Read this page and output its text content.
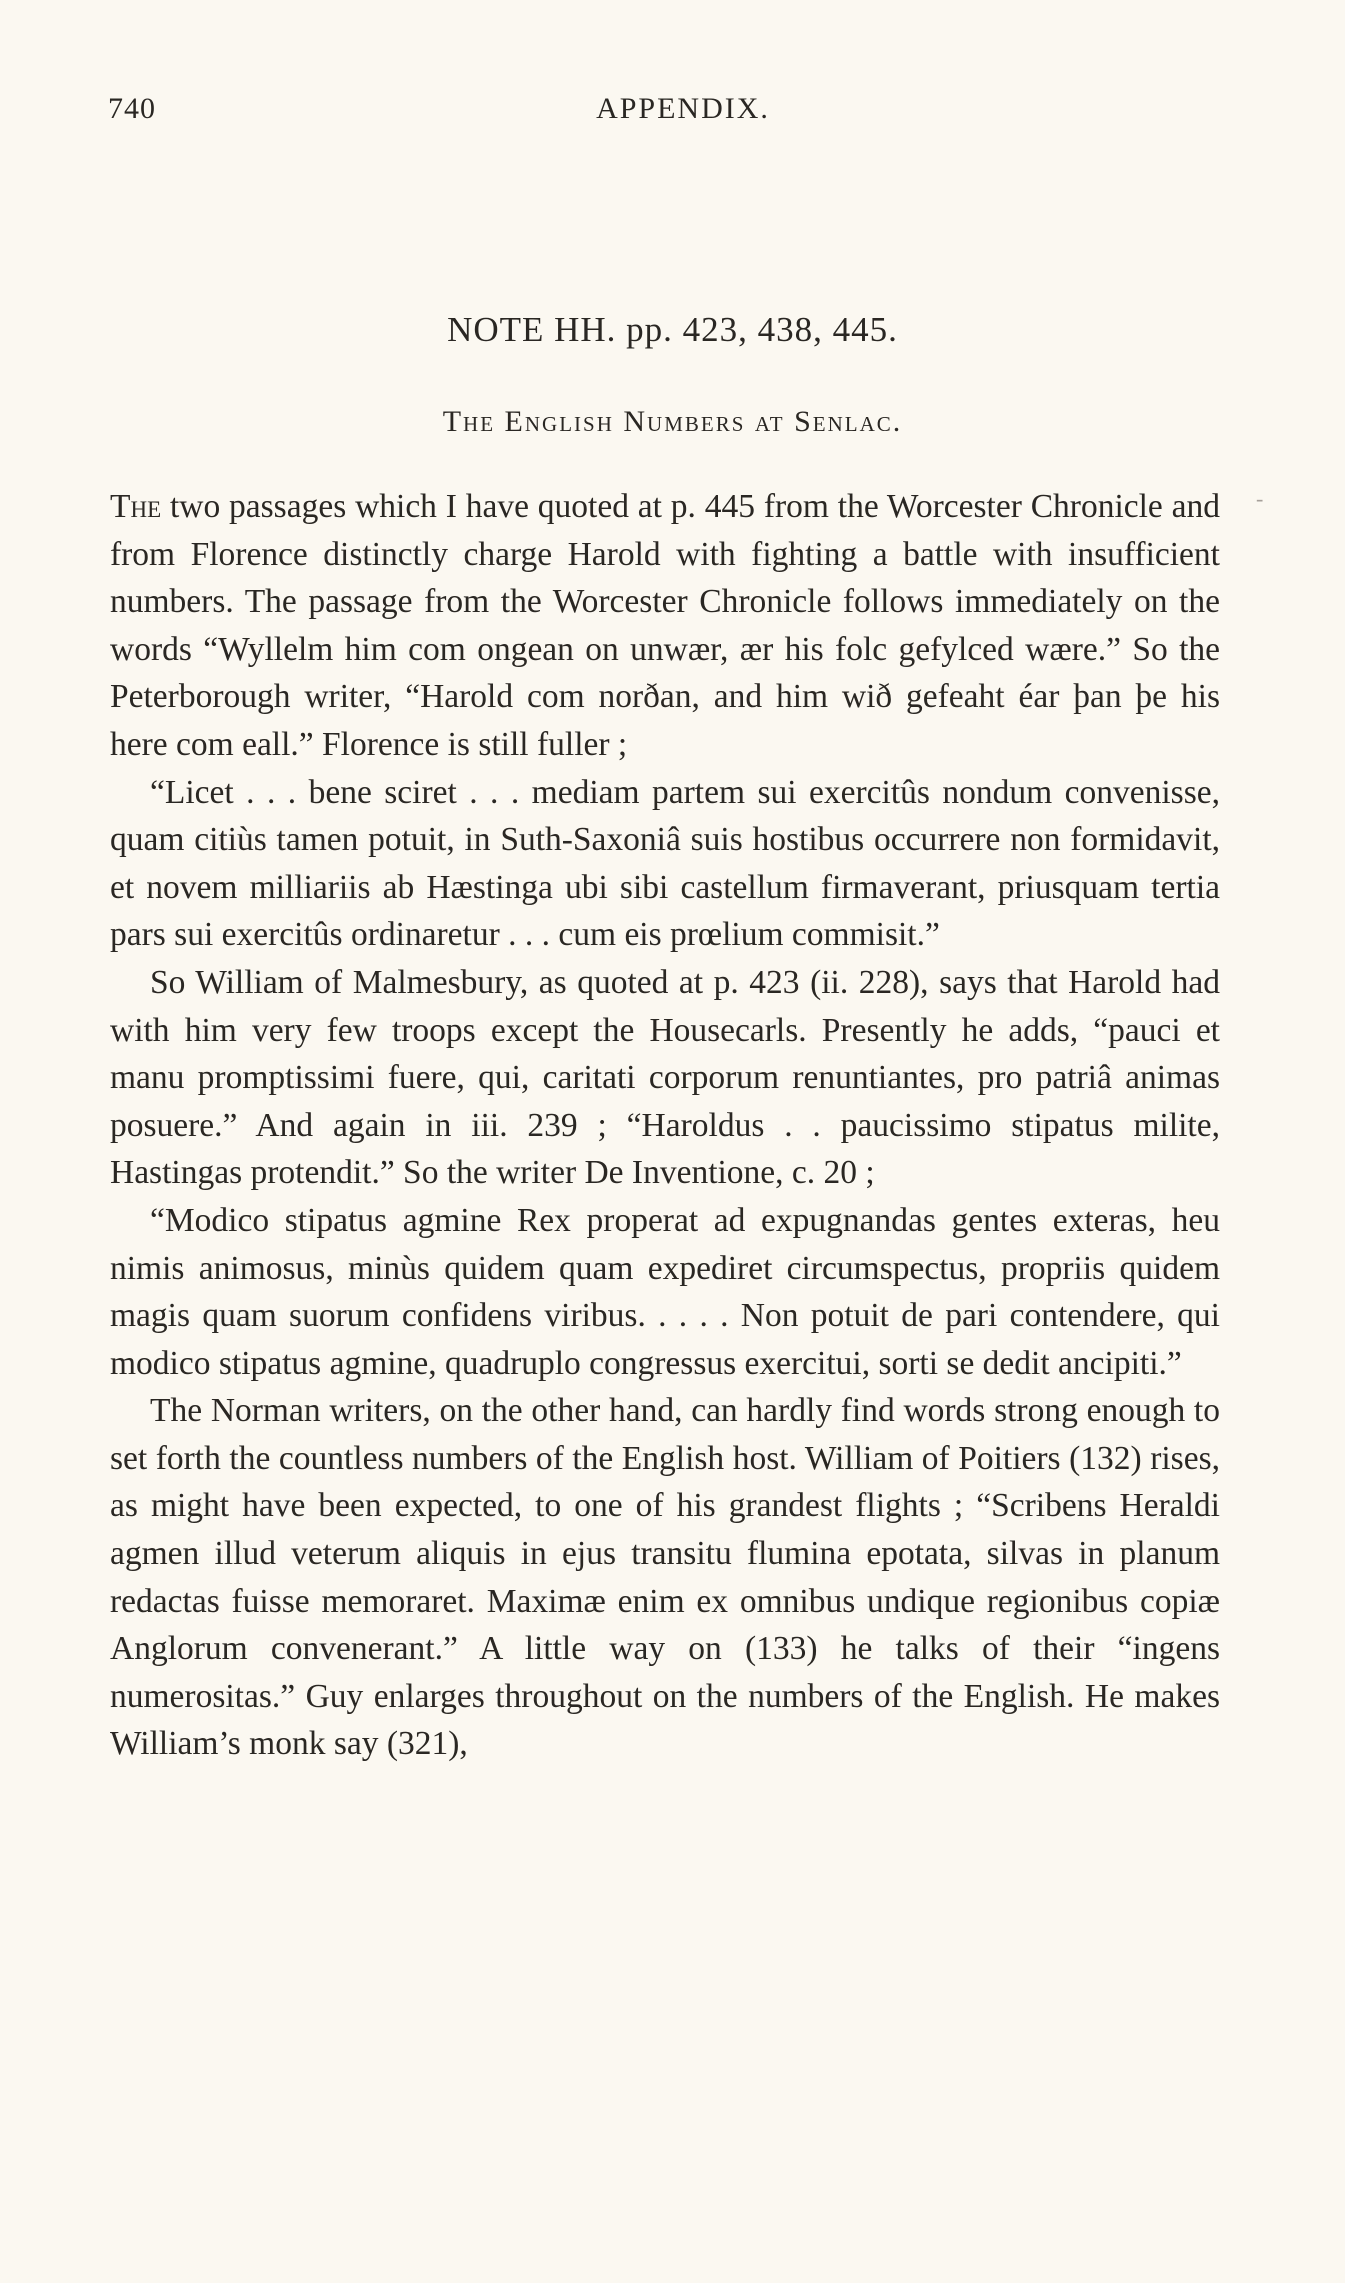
740	APPENDIX.
NOTE HH. pp. 423, 438, 445.
The English Numbers at Senlac.
-

The two passages which I have quoted at p. 445 from the Worcester Chronicle and from Florence distinctly charge Harold with fighting a battle with insufficient numbers. The passage from the Worcester Chronicle follows immediately on the words “Wyllelm him com ongean on unwær, ær his folc gefylced wære.” So the Peterborough writer, “Harold com norðan, and him wið gefeaht éar þan þe his here com eall.” Florence is still fuller ;

“Licet . . . bene sciret . . . mediam partem sui exercitûs nondum convenisse, quam citiùs tamen potuit, in Suth-Saxoniâ suis hostibus occurrere non formidavit, et novem milliariis ab Hæstinga ubi sibi castellum firmaverant, priusquam tertia pars sui exercitûs ordinaretur . . . cum eis prœlium commisit.”

So William of Malmesbury, as quoted at p. 423 (ii. 228), says that Harold had with him very few troops except the Housecarls. Presently he adds, “pauci et manu promptissimi fuere, qui, caritati corporum renuntiantes, pro patriâ animas posuere.” And again in iii. 239 ; “Haroldus . . paucissimo stipatus milite, Hastingas protendit.” So the writer De Inventione, c. 20 ;

“Modico stipatus agmine Rex properat ad expugnandas gentes exteras, heu nimis animosus, minùs quidem quam expediret circumspectus, propriis quidem magis quam suorum confidens viribus. . . . . Non potuit de pari contendere, qui modico stipatus agmine, quadruplo congressus exercitui, sorti se dedit ancipiti.”

The Norman writers, on the other hand, can hardly find words strong enough to set forth the countless numbers of the English host. William of Poitiers (132) rises, as might have been expected, to one of his grandest flights ; “Scribens Heraldi agmen illud veterum aliquis in ejus transitu flumina epotata, silvas in planum redactas fuisse memoraret. Maximæ enim ex omnibus undique regionibus copiæ Anglorum convenerant.” A little way on (133) he talks of their “ingens numerositas.” Guy enlarges throughout on the numbers of the English. He makes William’s monk say (321),
